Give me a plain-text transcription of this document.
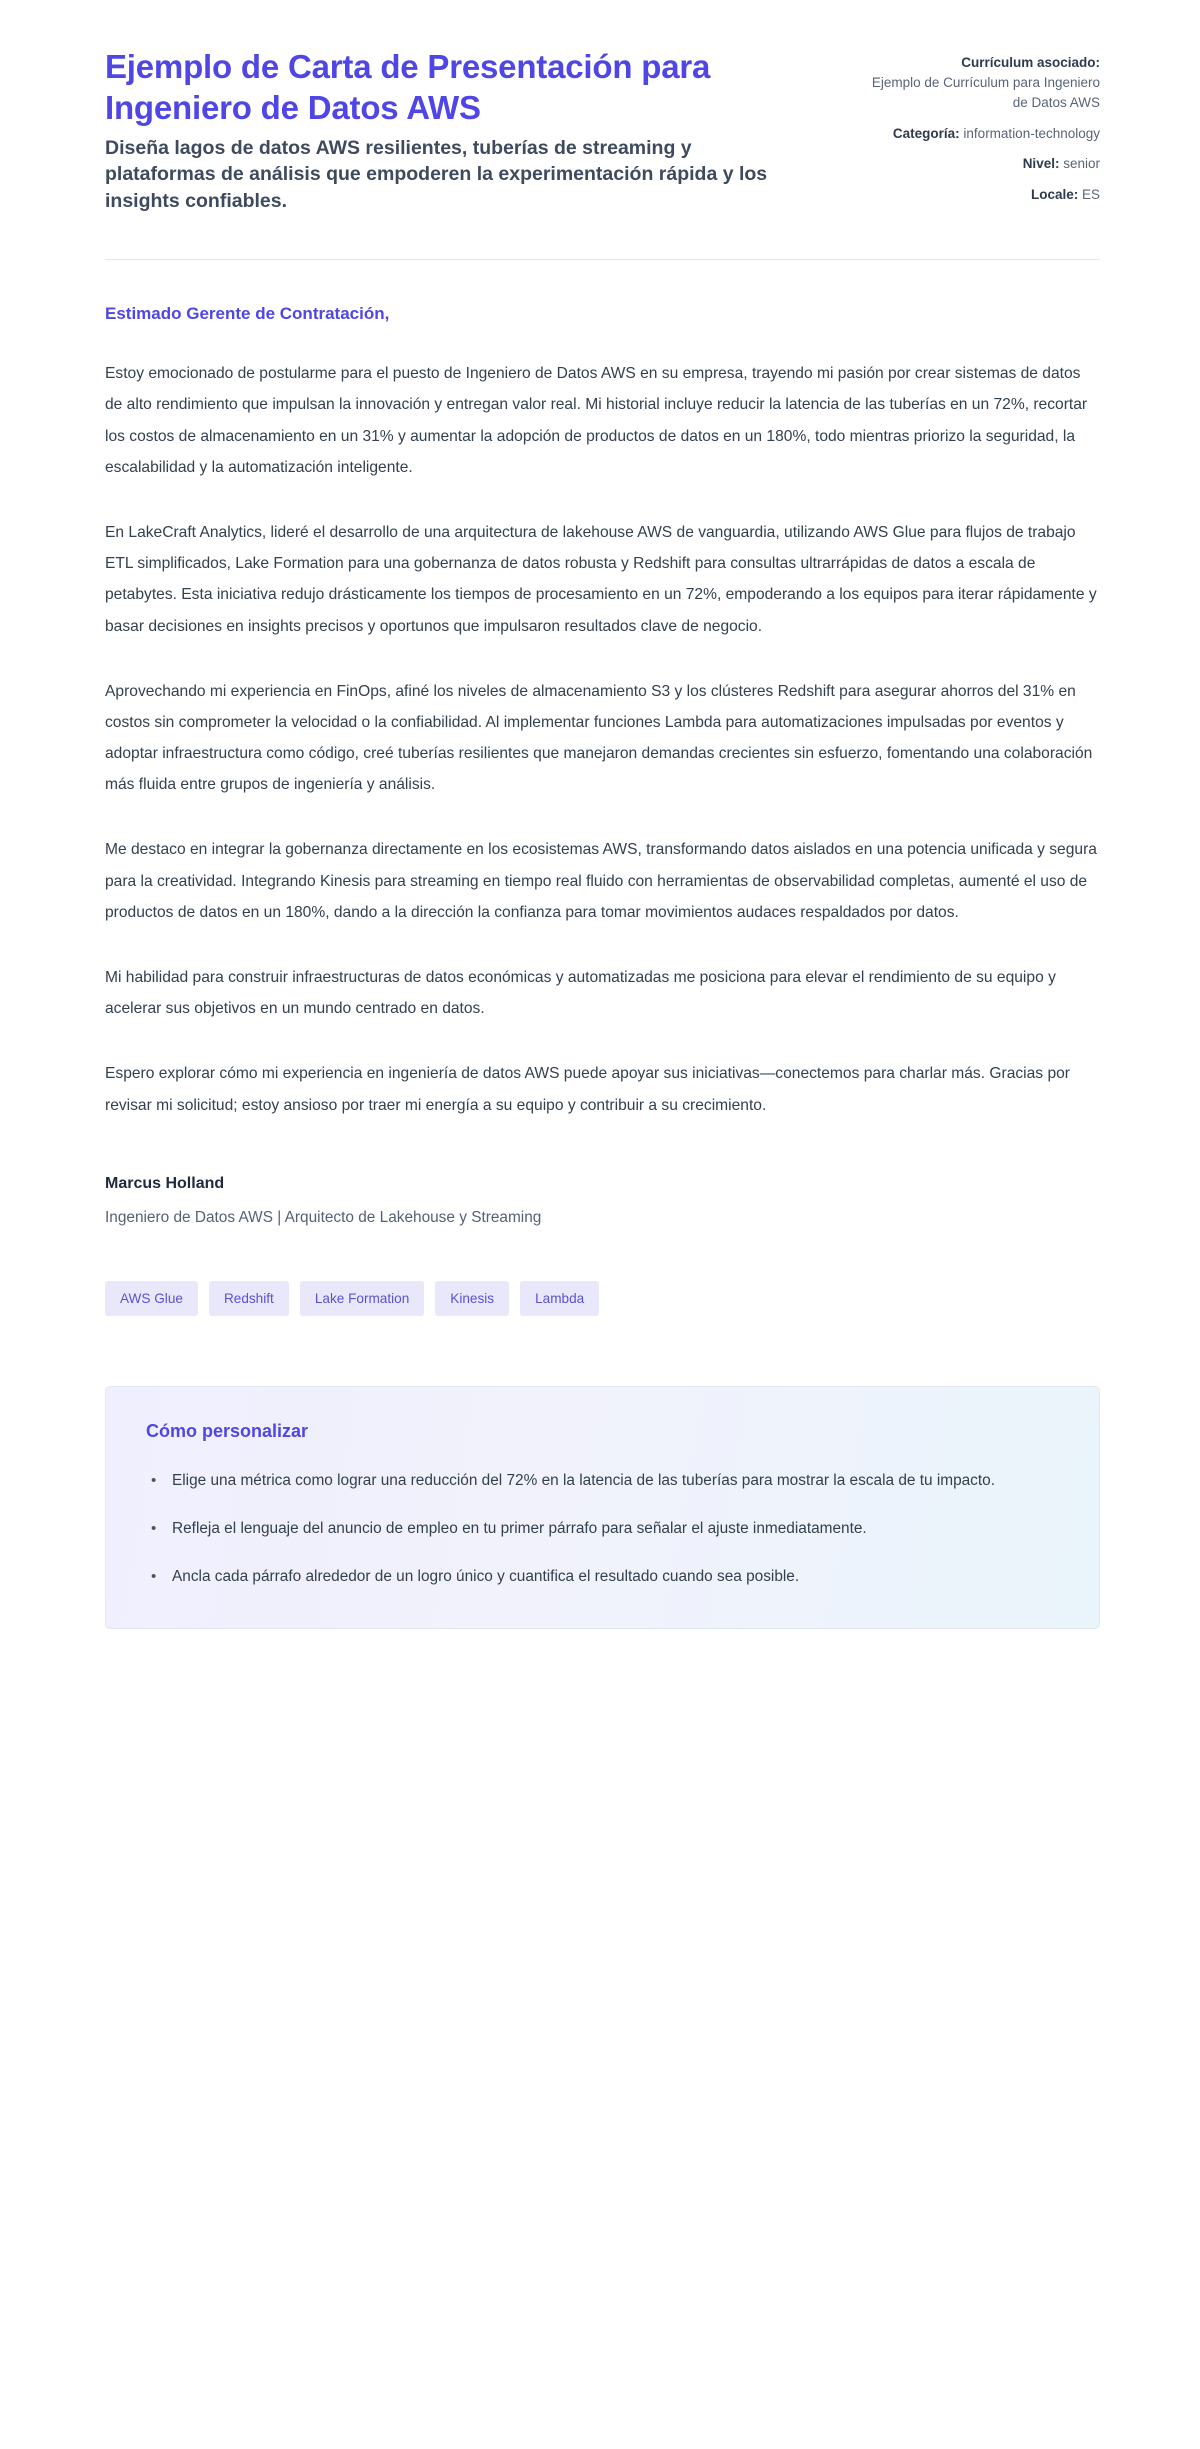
Ejemplo de Carta de Presentación para Ingeniero de Datos AWS

Diseña lagos de datos AWS resilientes, tuberías de streaming y plataformas de análisis que empoderen la experimentación rápida y los insights confiables.

Currículum asociado:

Ejemplo de Currículum para Ingeniero de Datos AWS

Categoría: information-technology

Nivel: senior

Locale: ES

Estimado Gerente de Contratación,

Estoy emocionado de postularme para el puesto de Ingeniero de Datos AWS en su empresa, trayendo mi pasión por crear sistemas de datos de alto rendimiento que impulsan la innovación y entregan valor real. Mi historial incluye reducir la latencia de las tuberías en un 72%, recortar los costos de almacenamiento en un 31% y aumentar la adopción de productos de datos en un 180%, todo mientras priorizo la seguridad, la escalabilidad y la automatización inteligente.

En LakeCraft Analytics, lideré el desarrollo de una arquitectura de lakehouse AWS de vanguardia, utilizando AWS Glue para flujos de trabajo ETL simplificados, Lake Formation para una gobernanza de datos robusta y Redshift para consultas ultrarrápidas de datos a escala de petabytes. Esta iniciativa redujo drásticamente los tiempos de procesamiento en un 72%, empoderando a los equipos para iterar rápidamente y basar decisiones en insights precisos y oportunos que impulsaron resultados clave de negocio.

Aprovechando mi experiencia en FinOps, afiné los niveles de almacenamiento S3 y los clústeres Redshift para asegurar ahorros del 31% en costos sin comprometer la velocidad o la confiabilidad. Al implementar funciones Lambda para automatizaciones impulsadas por eventos y adoptar infraestructura como código, creé tuberías resilientes que manejaron demandas crecientes sin esfuerzo, fomentando una colaboración más fluida entre grupos de ingeniería y análisis.

Me destaco en integrar la gobernanza directamente en los ecosistemas AWS, transformando datos aislados en una potencia unificada y segura para la creatividad. Integrando Kinesis para streaming en tiempo real fluido con herramientas de observabilidad completas, aumenté el uso de productos de datos en un 180%, dando a la dirección la confianza para tomar movimientos audaces respaldados por datos.

Mi habilidad para construir infraestructuras de datos económicas y automatizadas me posiciona para elevar el rendimiento de su equipo y acelerar sus objetivos en un mundo centrado en datos.

Espero explorar cómo mi experiencia en ingeniería de datos AWS puede apoyar sus iniciativas—conectemos para charlar más. Gracias por revisar mi solicitud; estoy ansioso por traer mi energía a su equipo y contribuir a su crecimiento.

Marcus Holland

Ingeniero de Datos AWS | Arquitecto de Lakehouse y Streaming

AWS Glue	Redshift	Lake Formation	Kinesis	Lambda

Cómo personalizar

• Elige una métrica como lograr una reducción del 72% en la latencia de las tuberías para mostrar la escala de tu impacto.
• Refleja el lenguaje del anuncio de empleo en tu primer párrafo para señalar el ajuste inmediatamente.
• Ancla cada párrafo alrededor de un logro único y cuantifica el resultado cuando sea posible.
